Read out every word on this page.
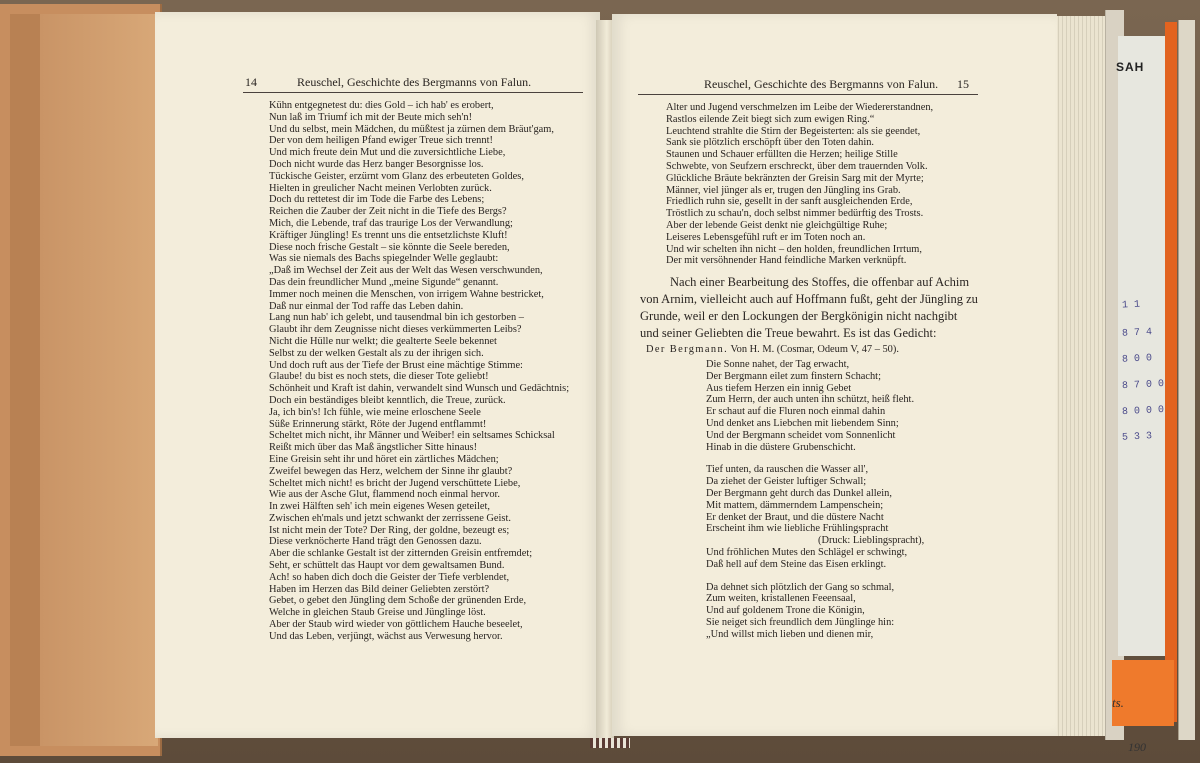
SAH
1 1
8 7 4
8 0 0
8 7 0 0
8 0 0 0
5 3 3
ts.
190
14	Reuschel, Geschichte des Bergmanns von Falun.
Kühn entgegnetest du: dies Gold – ich hab' es erobert,
Nun laß im Triumf ich mit der Beute mich seh'n!
Und du selbst, mein Mädchen, du müßtest ja zürnen dem Bräut'gam,
Der von dem heiligen Pfand ewiger Treue sich trennt!
Und mich freute dein Mut und die zuversichtliche Liebe,
Doch nicht wurde das Herz banger Besorgnisse los.
Tückische Geister, erzürnt vom Glanz des erbeuteten Goldes,
Hielten in greulicher Nacht meinen Verlobten zurück.
Doch du rettetest dir im Tode die Farbe des Lebens;
Reichen die Zauber der Zeit nicht in die Tiefe des Bergs?
Mich, die Lebende, traf das traurige Los der Verwandlung;
Kräftiger Jüngling! Es trennt uns die entsetzlichste Kluft!
Diese noch frische Gestalt – sie könnte die Seele bereden,
Was sie niemals des Bachs spiegelnder Welle geglaubt:
„Daß im Wechsel der Zeit aus der Welt das Wesen verschwunden,
Das dein freundlicher Mund „meine Sigunde“ genannt.
Immer noch meinen die Menschen, von irrigem Wahne bestricket,
Daß nur einmal der Tod raffe das Leben dahin.
Lang nun hab' ich gelebt, und tausendmal bin ich gestorben –
Glaubt ihr dem Zeugnisse nicht dieses verkümmerten Leibs?
Nicht die Hülle nur welkt; die gealterte Seele bekennet
Selbst zu der welken Gestalt als zu der ihrigen sich.
Und doch ruft aus der Tiefe der Brust eine mächtige Stimme:
Glaube! du bist es noch stets, die dieser Tote geliebt!
Schönheit und Kraft ist dahin, verwandelt sind Wunsch und Gedächtnis;
Doch ein beständiges bleibt kenntlich, die Treue, zurück.
Ja, ich bin's! Ich fühle, wie meine erloschene Seele
Süße Erinnerung stärkt, Röte der Jugend entflammt!
Scheltet mich nicht, ihr Männer und Weiber! ein seltsames Schicksal
Reißt mich über das Maß ängstlicher Sitte hinaus!
Eine Greisin seht ihr und höret ein zärtliches Mädchen;
Zweifel bewegen das Herz, welchem der Sinne ihr glaubt?
Scheltet mich nicht! es bricht der Jugend verschüttete Liebe,
Wie aus der Asche Glut, flammend noch einmal hervor.
In zwei Hälften seh' ich mein eigenes Wesen geteilet,
Zwischen eh'mals und jetzt schwankt der zerrissene Geist.
Ist nicht mein der Tote? Der Ring, der goldne, bezeugt es;
Diese verknöcherte Hand trägt den Genossen dazu.
Aber die schlanke Gestalt ist der zitternden Greisin entfremdet;
Seht, er schüttelt das Haupt vor dem gewaltsamen Bund.
Ach! so haben dich doch die Geister der Tiefe verblendet,
Haben im Herzen das Bild deiner Geliebten zerstört?
Gebet, o gebet den Jüngling dem Schoße der grünenden Erde,
Welche in gleichen Staub Greise und Jünglinge löst.
Aber der Staub wird wieder von göttlichem Hauche beseelet,
Und das Leben, verjüngt, wächst aus Verwesung hervor.
Reuschel, Geschichte des Bergmanns von Falun. 15
Alter und Jugend verschmelzen im Leibe der Wiedererstandnen,
Rastlos eilende Zeit biegt sich zum ewigen Ring.“
Leuchtend strahlte die Stirn der Begeisterten: als sie geendet,
Sank sie plötzlich erschöpft über den Toten dahin.
Staunen und Schauer erfüllten die Herzen; heilige Stille
Schwebte, von Seufzern erschreckt, über dem trauernden Volk.
Glückliche Bräute bekränzten der Greisin Sarg mit der Myrte;
Männer, viel jünger als er, trugen den Jüngling ins Grab.
Friedlich ruhn sie, gesellt in der sanft ausgleichenden Erde,
Tröstlich zu schau'n, doch selbst nimmer bedürftig des Trosts.
Aber der lebende Geist denkt nie gleichgültige Ruhe;
Leiseres Lebensgefühl ruft er im Toten noch an.
Und wir schelten ihn nicht – den holden, freundlichen Irrtum,
Der mit versöhnender Hand feindliche Marken verknüpft.
Nach einer Bearbeitung des Stoffes, die offenbar auf Achim
von Arnim, vielleicht auch auf Hoffmann fußt, geht der Jüngling zu
Grunde, weil er den Lockungen der Bergkönigin nicht nachgibt
und seiner Geliebten die Treue bewahrt. Es ist das Gedicht:
Der Bergmann. Von H. M. (Cosmar, Odeum V, 47 – 50).
Die Sonne nahet, der Tag erwacht,
Der Bergmann eilet zum finstern Schacht;
Aus tiefem Herzen ein innig Gebet
Zum Herrn, der auch unten ihn schützt, heiß fleht.
Er schaut auf die Fluren noch einmal dahin
Und denket ans Liebchen mit liebendem Sinn;
Und der Bergmann scheidet vom Sonnenlicht
Hinab in die düstere Grubenschicht.
Tief unten, da rauschen die Wasser all',
Da ziehet der Geister luftiger Schwall;
Der Bergmann geht durch das Dunkel allein,
Mit mattem, dämmerndem Lampenschein;
Er denket der Braut, und die düstere Nacht
Erscheint ihm wie liebliche Frühlingspracht
(Druck: Lieblingspracht),
Und fröhlichen Mutes den Schlägel er schwingt,
Daß hell auf dem Steine das Eisen erklingt.
Da dehnet sich plötzlich der Gang so schmal,
Zum weiten, kristallenen Feeensaal,
Und auf goldenem Trone die Königin,
Sie neiget sich freundlich dem Jünglinge hin:
„Und willst mich lieben und dienen mir,
